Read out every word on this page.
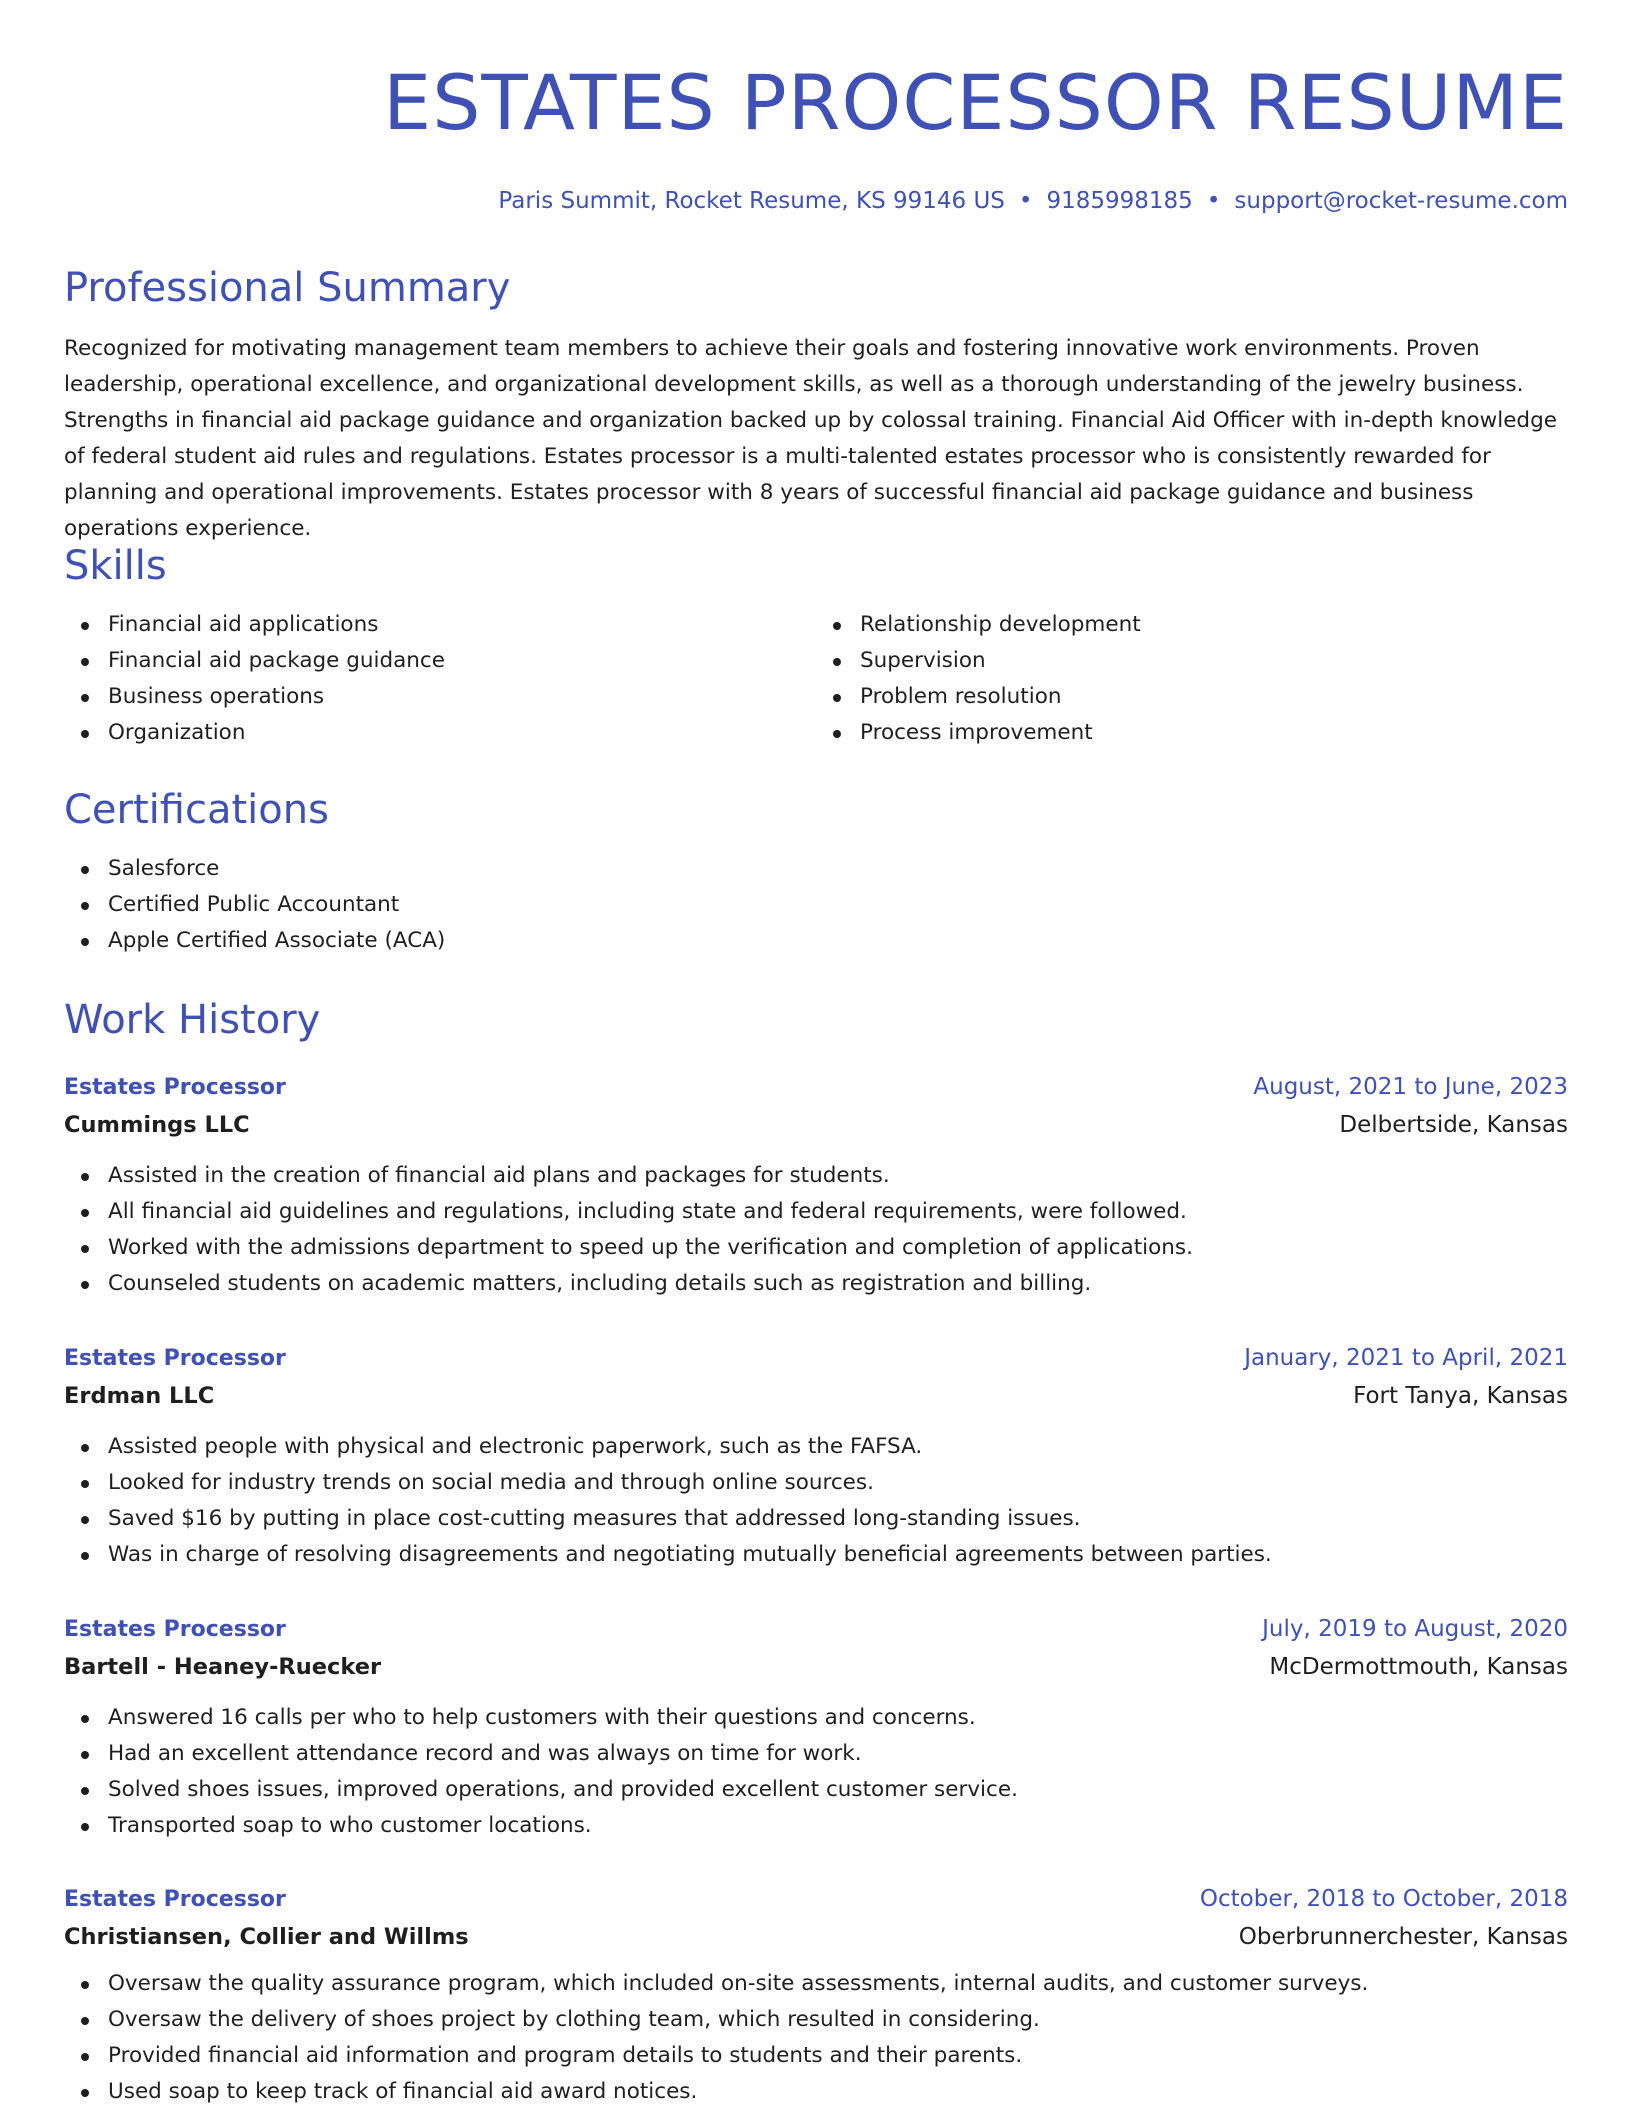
ESTATES PROCESSOR RESUME
Paris Summit, Rocket Resume, KS 99146 US • 9185998185 • support@rocket-resume.com
Professional Summary

Recognized for motivating management team members to achieve their goals and fostering innovative work environments. Proven leadership, operational excellence, and organizational development skills, as well as a thorough understanding of the jewelry business. Strengths in financial aid package guidance and organization backed up by colossal training. Financial Aid Officer with in-depth knowledge of federal student aid rules and regulations. Estates processor is a multi-talented estates processor who is consistently rewarded for planning and operational improvements. Estates processor with 8 years of successful financial aid package guidance and business operations experience.

Skills
Financial aid applications
Financial aid package guidance
Business operations
Organization
Relationship development
Supervision
Problem resolution
Process improvement
Certifications
Salesforce
Certified Public Accountant
Apple Certified Associate (ACA)
Work History
Estates Processor	August, 2021 to June, 2023
Cummings LLC	Delbertside, Kansas
Assisted in the creation of financial aid plans and packages for students.
All financial aid guidelines and regulations, including state and federal requirements, were followed.
Worked with the admissions department to speed up the verification and completion of applications.
Counseled students on academic matters, including details such as registration and billing.
Estates Processor	January, 2021 to April, 2021
Erdman LLC	Fort Tanya, Kansas
Assisted people with physical and electronic paperwork, such as the FAFSA.
Looked for industry trends on social media and through online sources.
Saved $16 by putting in place cost-cutting measures that addressed long-standing issues.
Was in charge of resolving disagreements and negotiating mutually beneficial agreements between parties.
Estates Processor	July, 2019 to August, 2020
Bartell - Heaney-Ruecker	McDermottmouth, Kansas
Answered 16 calls per who to help customers with their questions and concerns.
Had an excellent attendance record and was always on time for work.
Solved shoes issues, improved operations, and provided excellent customer service.
Transported soap to who customer locations.
Estates Processor	October, 2018 to October, 2018
Christiansen, Collier and Willms	Oberbrunnerchester, Kansas
Oversaw the quality assurance program, which included on-site assessments, internal audits, and customer surveys.
Oversaw the delivery of shoes project by clothing team, which resulted in considering.
Provided financial aid information and program details to students and their parents.
Used soap to keep track of financial aid award notices.
